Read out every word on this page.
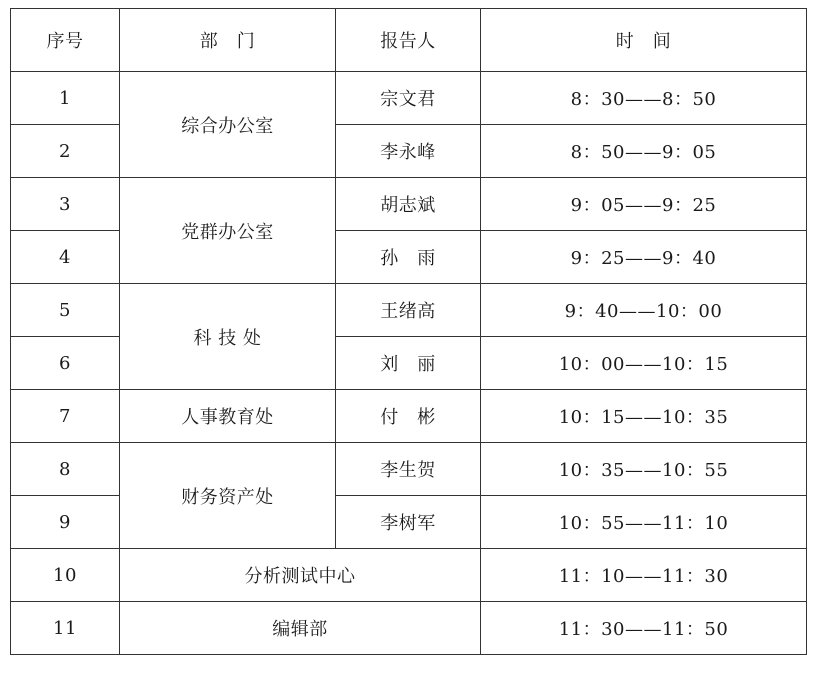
序号	部　门	报告人	时　间
1	综合办公室	宗文君	8：30——8：50
2		李永峰	8：50——9：05
3	党群办公室	胡志斌	9：05——9：25
4		孙　雨	9：25——9：40
5	科 技 处	王绪高	9：40——10：00
6		刘　丽	10：00——10：15
7	人事教育处	付　彬	10：15——10：35
8	财务资产处	李生贺	10：35——10：55
9		李树军	10：55——11：10
10	分析测试中心		11：10——11：30
11	编辑部		11：30——11：50
